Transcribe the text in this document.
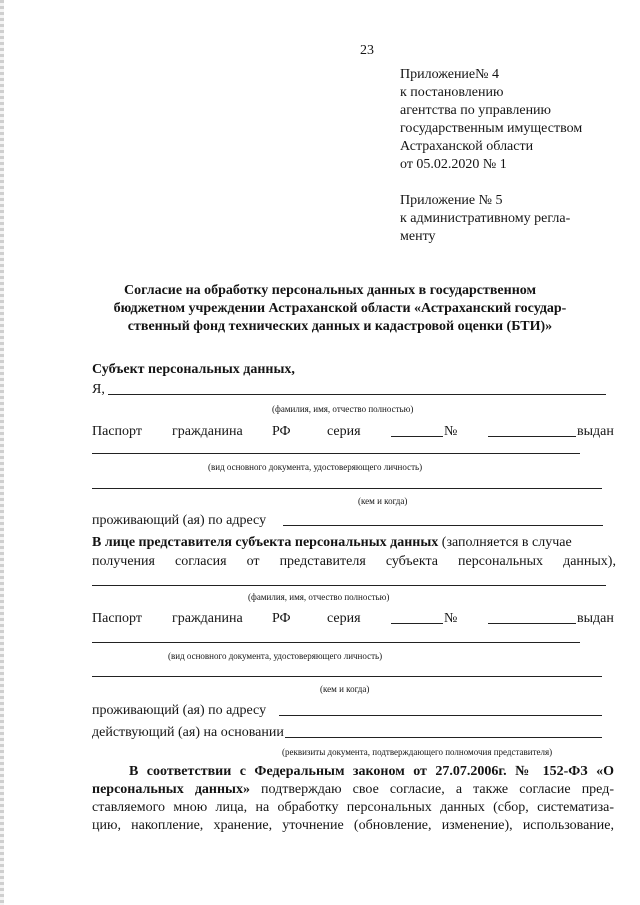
23
Приложение№ 4
к постановлению
агентства по управлению
государственным имуществом
Астраханской области
от 05.02.2020 № 1
Приложение № 5
к административному регла-
менту
Согласие на обработку персональных данных в государственном
бюджетном учреждении Астраханской области «Астраханский государ-
ственный фонд технических данных и кадастровой оценки (БТИ)»
Субъект персональных данных,
Я,
(фамилия, имя, отчество полностью)
Паспорт гражданина РФ	серия	№	выдан
(вид основного документа, удостоверяющего личность)
(кем и когда)
проживающий (ая) по адресу
В лице представителя субъекта персональных данных (заполняется в случае
получения согласия от представителя субъекта персональных данных),
(фамилия, имя, отчество полностью)
Паспорт гражданина РФ	серия	№	выдан
(вид основного документа, удостоверяющего личность)
(кем и когда)
проживающий (ая) по адресу
действующий (ая) на основании
(реквизиты документа, подтверждающего полномочия представителя)
В соответствии с Федеральным законом от 27.07.2006г. № 152-ФЗ «О
персональных данных» подтверждаю свое согласие, а также согласие пред-
ставляемого мною лица, на обработку персональных данных (сбор, систематиза-
цию, накопление, хранение, уточнение (обновление, изменение), использование,
